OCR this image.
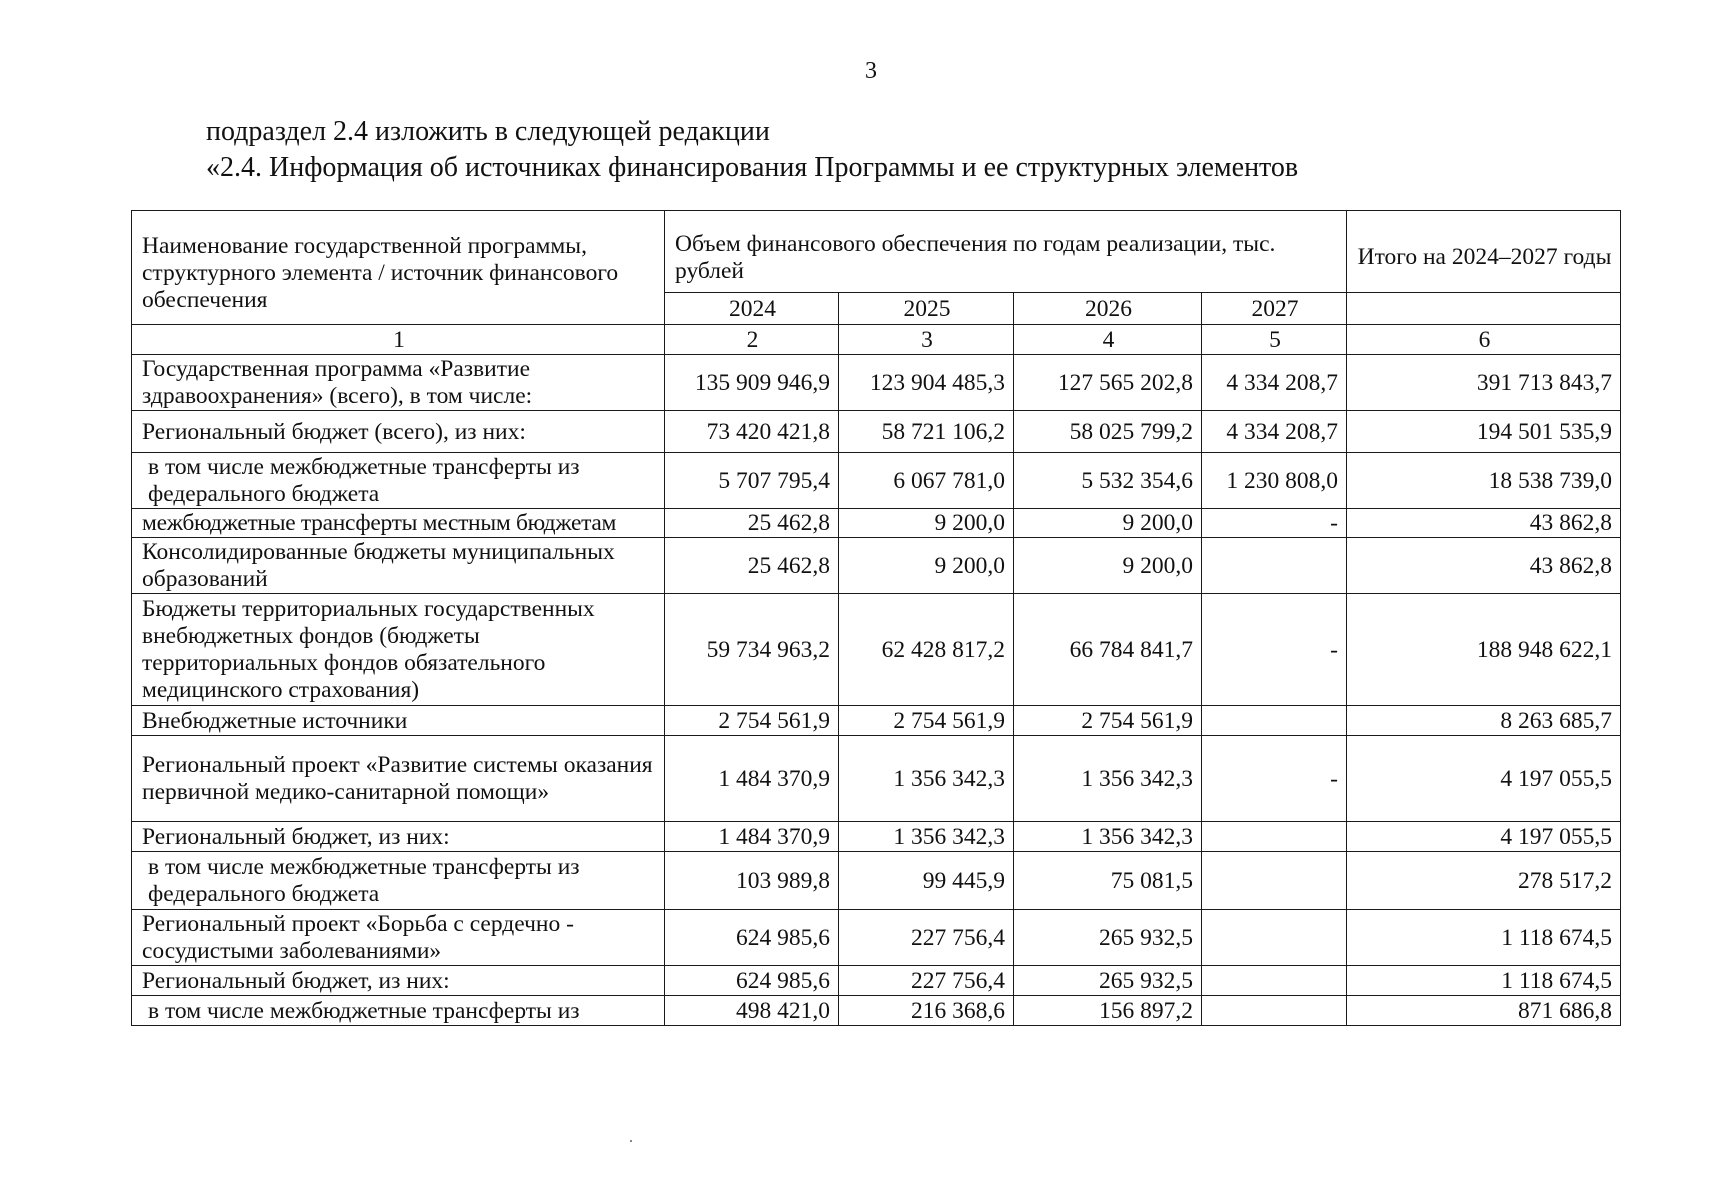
3
подраздел 2.4 изложить в следующей редакции
«2.4. Информация об источниках финансирования Программы и ее структурных элементов
Наименование государственной программы, структурного элемента / источник финансового обеспечения	Объем финансового обеспечения по годам реализации, тыс. рублей				Итого на 2024–2027 годы
	2024	2025	2026	2027	
1	2	3	4	5	6
Государственная программа «Развитие здравоохранения» (всего), в том числе:	135 909 946,9	123 904 485,3	127 565 202,8	4 334 208,7	391 713 843,7
Региональный бюджет (всего), из них:	73 420 421,8	58 721 106,2	58 025 799,2	4 334 208,7	194 501 535,9
в том числе межбюджетные трансферты из федерального бюджета	5 707 795,4	6 067 781,0	5 532 354,6	1 230 808,0	18 538 739,0
межбюджетные трансферты местным бюджетам	25 462,8	9 200,0	9 200,0	-	43 862,8
Консолидированные бюджеты муниципальных образований	25 462,8	9 200,0	9 200,0		43 862,8
Бюджеты территориальных государственных внебюджетных фондов (бюджеты территориальных фондов обязательного медицинского страхования)	59 734 963,2	62 428 817,2	66 784 841,7	-	188 948 622,1
Внебюджетные источники	2 754 561,9	2 754 561,9	2 754 561,9		8 263 685,7
Региональный проект «Развитие системы оказания первичной медико-санитарной помощи»	1 484 370,9	1 356 342,3	1 356 342,3	-	4 197 055,5
Региональный бюджет, из них:	1 484 370,9	1 356 342,3	1 356 342,3		4 197 055,5
в том числе межбюджетные трансферты из федерального бюджета	103 989,8	99 445,9	75 081,5		278 517,2
Региональный проект «Борьба с сердечно - сосудистыми заболеваниями»	624 985,6	227 756,4	265 932,5		1 118 674,5
Региональный бюджет, из них:	624 985,6	227 756,4	265 932,5		1 118 674,5
в том числе межбюджетные трансферты из	498 421,0	216 368,6	156 897,2		871 686,8
